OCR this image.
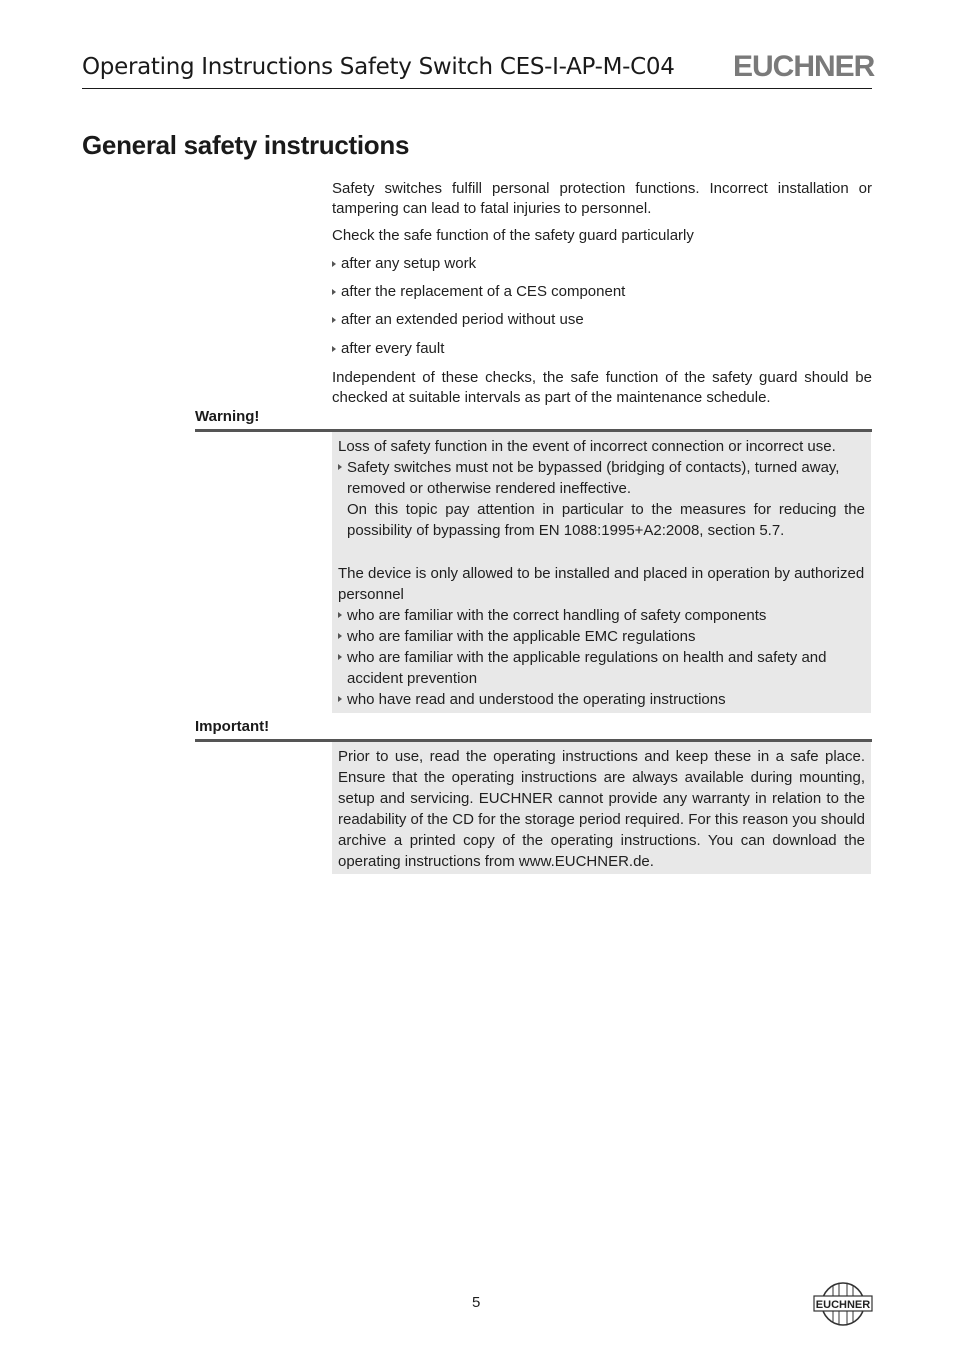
Operating Instructions Safety Switch CES-I-AP-M-C04 EUCHNER
General safety instructions
Safety switches fulfill personal protection functions. Incorrect installation or tampering can lead to fatal injuries to personnel.
Check the safe function of the safety guard particularly
after any setup work
after the replacement of a CES component
after an extended period without use
after every fault
Independent of these checks, the safe function of the safety guard should be checked at suitable intervals as part of the maintenance schedule.
Warning!
Loss of safety function in the event of incorrect connection or incorrect use.
Safety switches must not be bypassed (bridging of contacts), turned away, removed or otherwise rendered ineffective.
On this topic pay attention in particular to the measures for reducing the possibility of bypassing from EN 1088:1995+A2:2008, section 5.7.
The device is only allowed to be installed and placed in operation by authorized personnel
who are familiar with the correct handling of safety components
who are familiar with the applicable EMC regulations
who are familiar with the applicable regulations on health and safety and accident prevention
who have read and understood the operating instructions
Important!
Prior to use, read the operating instructions and keep these in a safe place. Ensure that the operating instructions are always available during mounting, setup and servicing. EUCHNER cannot provide any warranty in relation to the readability of the CD for the storage period required. For this reason you should archive a printed copy of the operating instructions. You can download the operating instructions from www.EUCHNER.de.
5	EUCHNER
